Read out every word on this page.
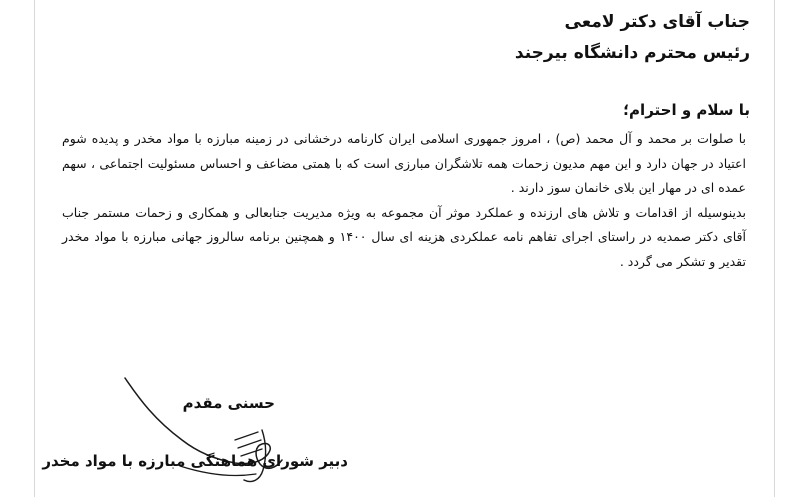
جناب آقای دکتر لامعی
رئیس محترم دانشگاه بیرجند
با سلام و احترام؛

با صلوات بر محمد و آل محمد (ص) ، امروز جمهوری اسلامی ایران کارنامه درخشانی در زمینه مبارزه با مواد مخدر و پدیده شوم اعتیاد در جهان دارد و این مهم مدیون زحمات همه تلاشگران مبارزی است که با همتی مضاعف و احساس مسئولیت اجتماعی ، سهم عمده ای در مهار این بلای خانمان سوز دارند .

بدینوسیله از اقدامات و تلاش های ارزنده و عملکرد موثر آن مجموعه به ویژه مدیریت جنابعالی و همکاری و زحمات مستمر جناب آقای دکتر صمدیه در راستای اجرای تفاهم نامه عملکردی هزینه ای سال ۱۴۰۰ و همچنین برنامه سالروز جهانی مبارزه با مواد مخدر تقدیر و تشکر می گردد .

حسنی مقدم
دبیر شورای هماهنگی مبارزه با مواد مخدر
